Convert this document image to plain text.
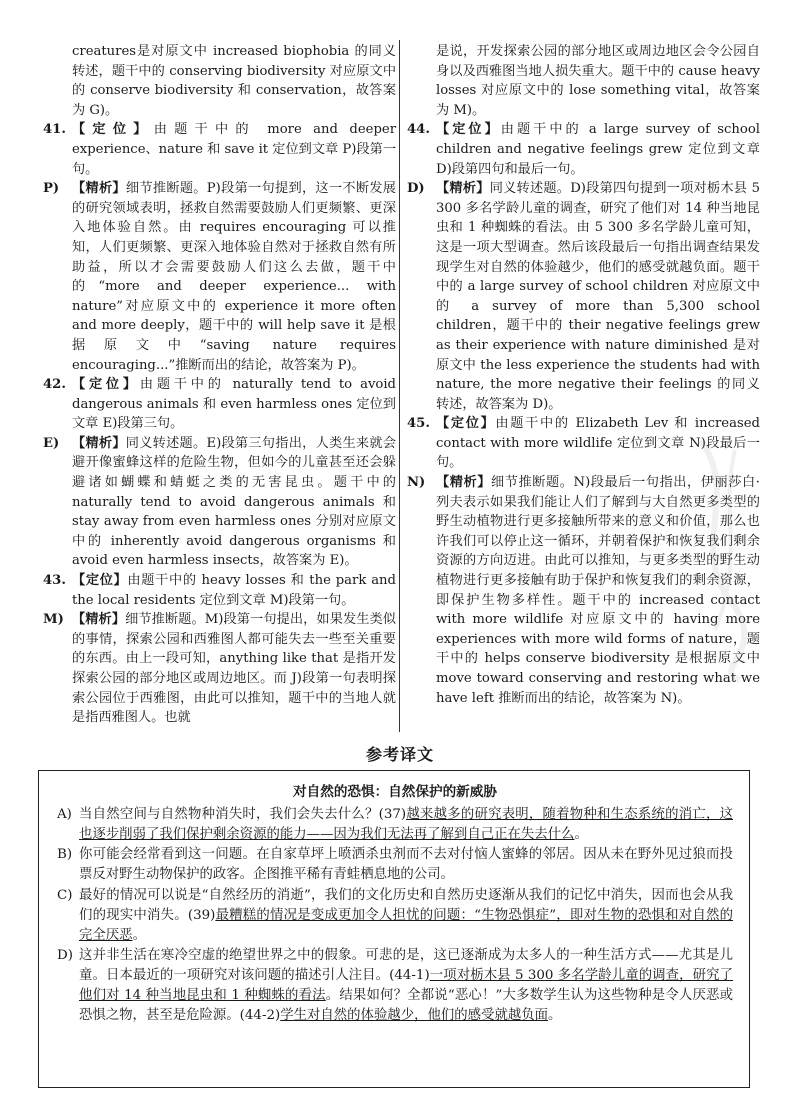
creatures是对原文中 increased biophobia 的同义转述，题干中的 conserving biodiversity 对应原文中的 conserve biodiversity 和 conservation，故答案为 G)。

41. 【定位】由题干中的 more and deeper experience、nature 和 save it 定位到文章 P)段第一句。

P) 【精析】细节推断题。P)段第一句提到，这一不断发展的研究领域表明，拯救自然需要鼓励人们更频繁、更深入地体验自然。由 requires encouraging 可以推知，人们更频繁、更深入地体验自然对于拯救自然有所助益，所以才会需要鼓励人们这么去做，题干中的“more and deeper experience... with nature”对应原文中的 experience it more often and more deeply，题干中的 will help save it 是根据原文中“saving nature requires encouraging...”推断而出的结论，故答案为 P)。

42. 【定位】由题干中的 naturally tend to avoid dangerous animals 和 even harmless ones 定位到文章 E)段第三句。

E) 【精析】同义转述题。E)段第三句指出，人类生来就会避开像蜜蜂这样的危险生物，但如今的儿童甚至还会躲避诸如蝴蝶和蜻蜓之类的无害昆虫。题干中的 naturally tend to avoid dangerous animals 和 stay away from even harmless ones 分别对应原文中的 inherently avoid dangerous organisms 和 avoid even harmless insects，故答案为 E)。

43. 【定位】由题干中的 heavy losses 和 the park and the local residents 定位到文章 M)段第一句。

M) 【精析】细节推断题。M)段第一句提出，如果发生类似的事情，探索公园和西雅图人都可能失去一些至关重要的东西。由上一段可知，anything like that 是指开发探索公园的部分地区或周边地区。而 J)段第一句表明探索公园位于西雅图，由此可以推知，题干中的当地人就是指西雅图人。也就

是说，开发探索公园的部分地区或周边地区会令公园自身以及西雅图当地人损失重大。题干中的 cause heavy losses 对应原文中的 lose something vital，故答案为 M)。

44. 【定位】由题干中的 a large survey of school children and negative feelings grew 定位到文章 D)段第四句和最后一句。

D) 【精析】同义转述题。D)段第四句提到一项对栃木县 5 300 多名学龄儿童的调查，研究了他们对 14 种当地昆虫和 1 种蜘蛛的看法。由 5 300 多名学龄儿童可知，这是一项大型调查。然后该段最后一句指出调查结果发现学生对自然的体验越少，他们的感受就越负面。题干中的 a large survey of school children 对应原文中的 a survey of more than 5,300 school children，题干中的 their negative feelings grew as their experience with nature diminished 是对原文中 the less experience the students had with nature, the more negative their feelings 的同义转述，故答案为 D)。

45. 【定位】由题干中的 Elizabeth Lev 和 increased contact with more wildlife 定位到文章 N)段最后一句。

N) 【精析】细节推断题。N)段最后一句指出，伊丽莎白·列夫表示如果我们能让人们了解到与大自然更多类型的野生动植物进行更多接触所带来的意义和价值，那么也许我们可以停止这一循环，并朝着保护和恢复我们剩余资源的方向迈进。由此可以推知，与更多类型的野生动植物进行更多接触有助于保护和恢复我们的剩余资源，即保护生物多样性。题干中的 increased contact with more wildlife 对应原文中的 having more experiences with more wild forms of nature，题干中的 helps conserve biodiversity 是根据原文中 move toward conserving and restoring what we have left 推断而出的结论，故答案为 N)。

参考译文

对自然的恐惧：自然保护的新威胁

A) 当自然空间与自然物种消失时，我们会失去什么？(37)越来越多的研究表明，随着物种和生态系统的消亡，这也逐步削弱了我们保护剩余资源的能力——因为我们无法再了解到自己正在失去什么。

B) 你可能会经常看到这一问题。在自家草坪上喷洒杀虫剂而不去对付恼人蜜蜂的邻居。因从未在野外见过狼而投票反对野生动物保护的政客。企图推平稀有青蛙栖息地的公司。

C) 最好的情况可以说是“自然经历的消逝”，我们的文化历史和自然历史逐渐从我们的记忆中消失，因而也会从我们的现实中消失。(39)最糟糕的情况是变成更加令人担忧的问题：“生物恐惧症”，即对生物的恐惧和对自然的完全厌恶。

D) 这并非生活在寒冷空虚的绝望世界之中的假象。可悲的是，这已逐渐成为太多人的一种生活方式——尤其是儿童。日本最近的一项研究对该问题的描述引人注目。(44-1)一项对栃木县 5 300 多名学龄儿童的调查，研究了他们对 14 种当地昆虫和 1 种蜘蛛的看法。结果如何？全都说“恶心！”大多数学生认为这些物种是令人厌恶或恐惧之物，甚至是危险源。(44-2)学生对自然的体验越少，他们的感受就越负面。
